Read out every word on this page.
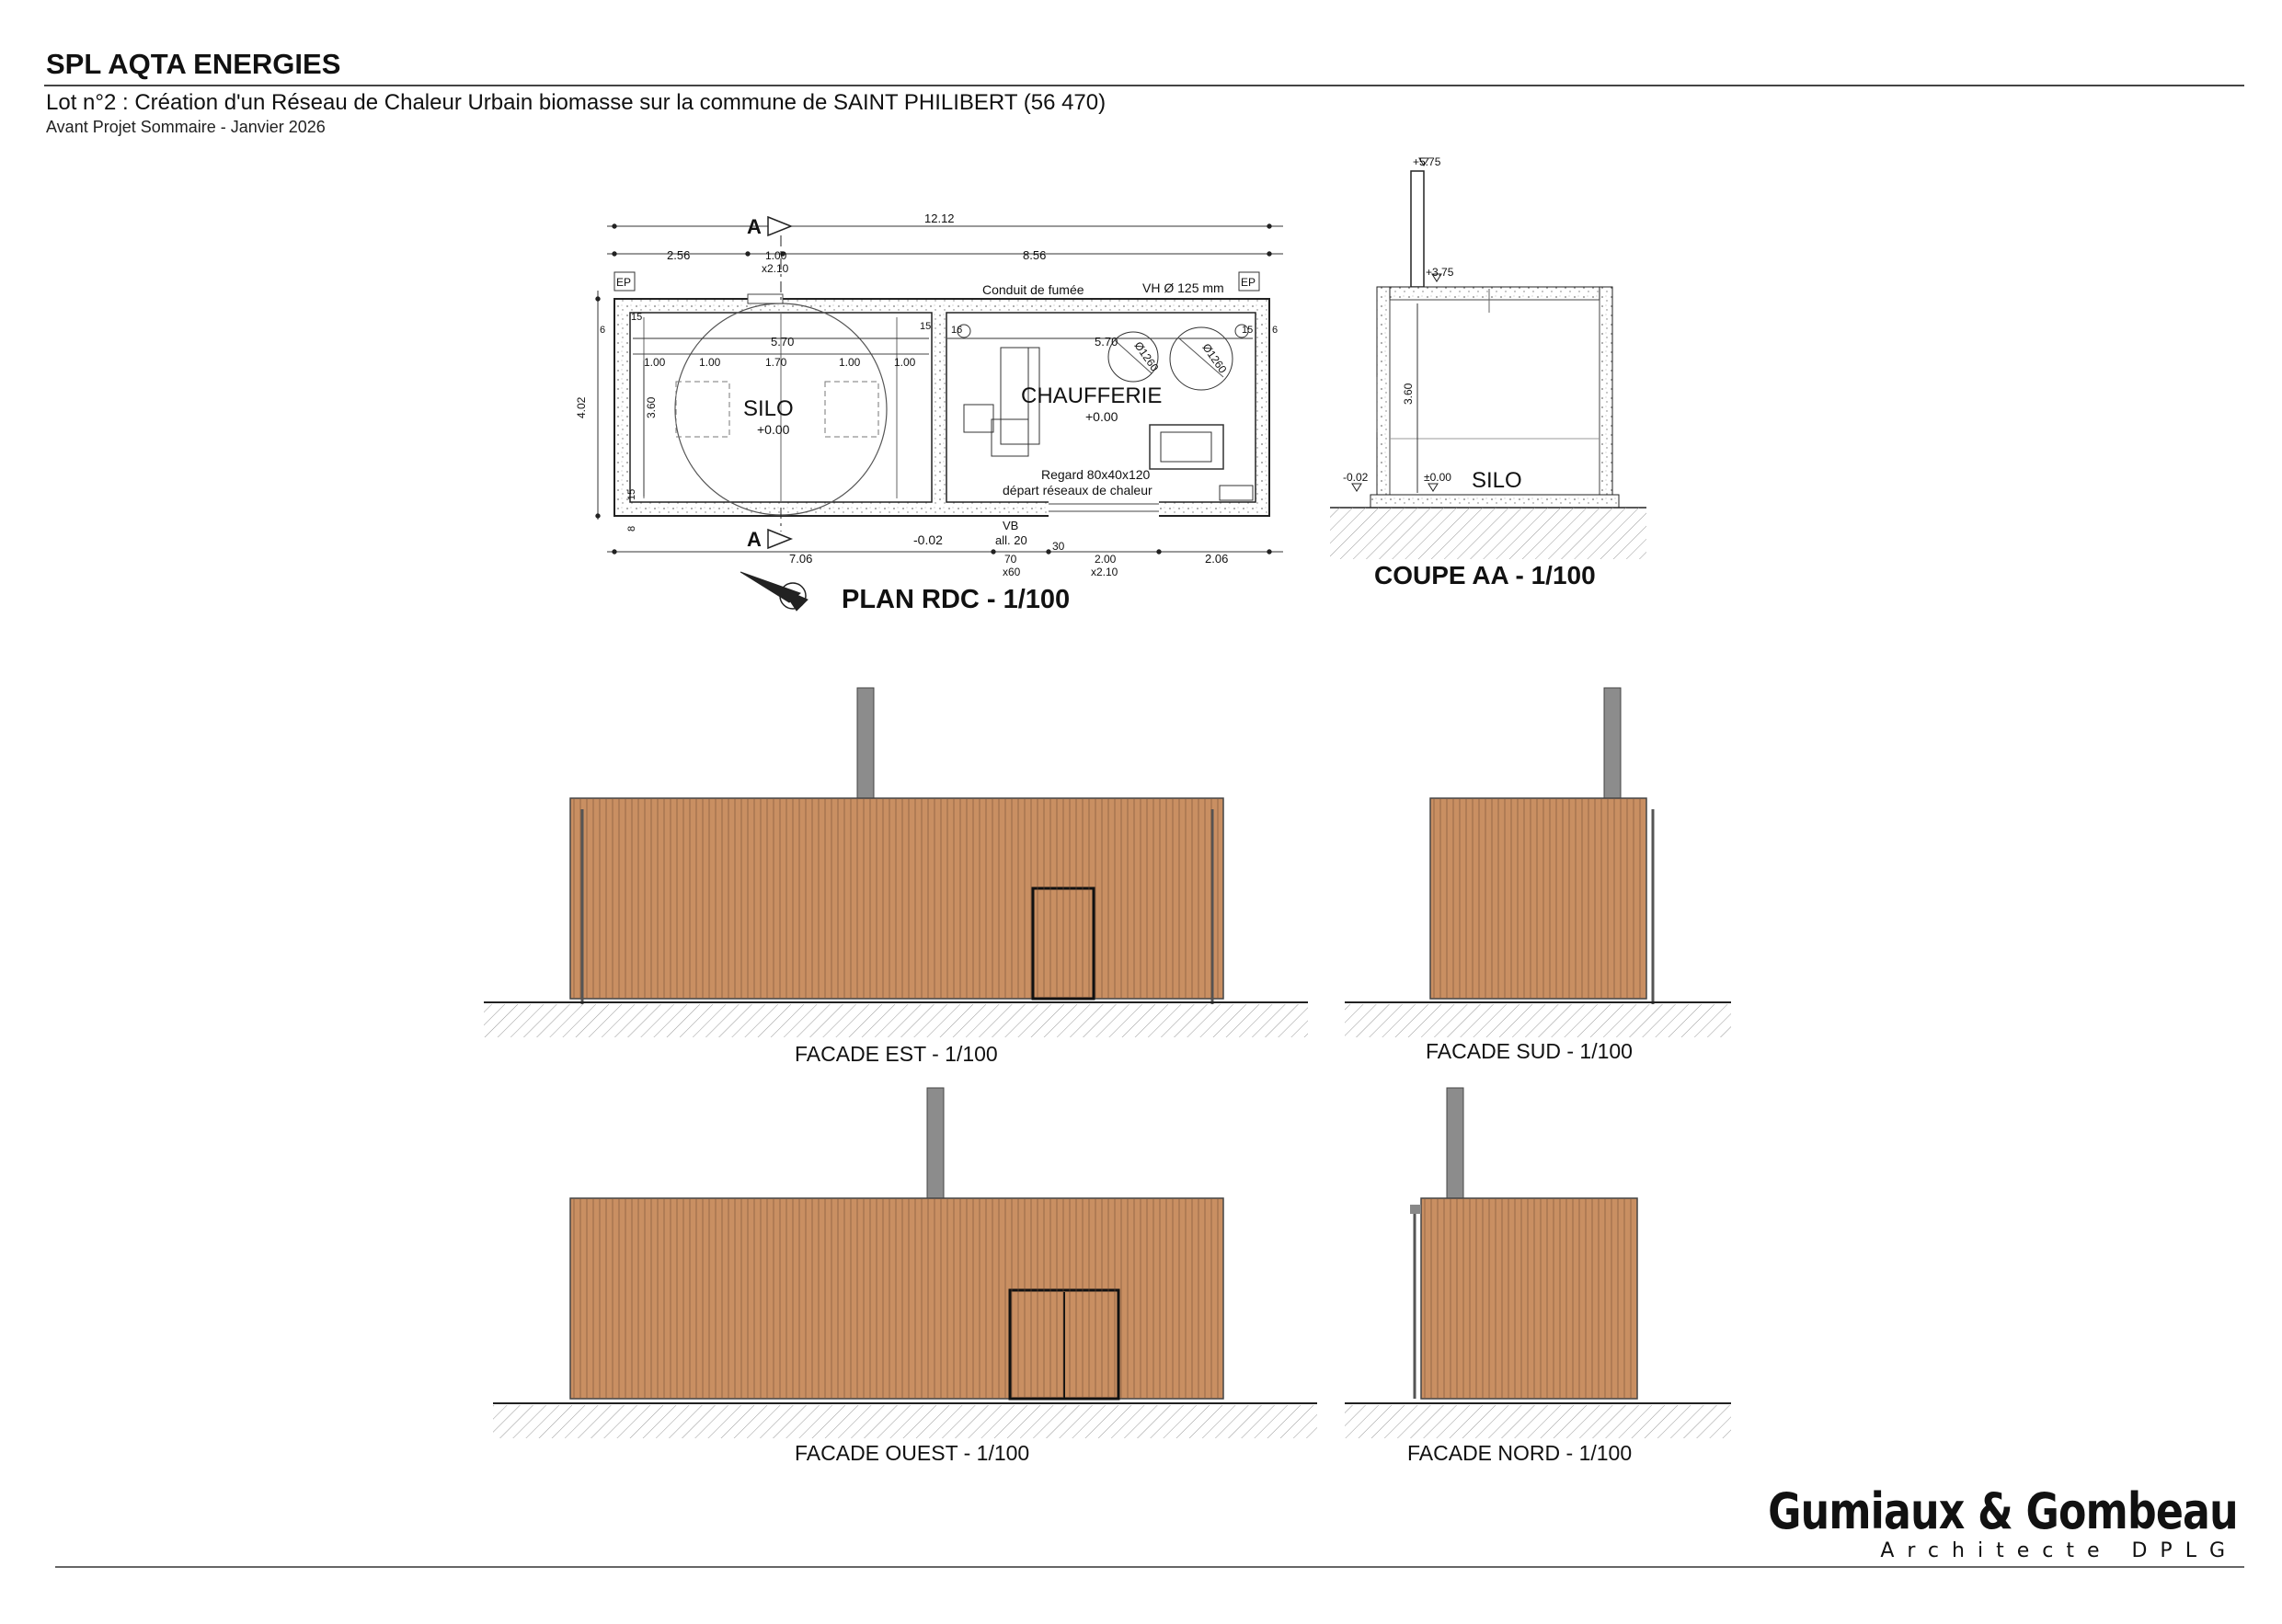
SPL AQTA ENERGIES
Lot n°2 : Création d'un Réseau de Chaleur Urbain biomasse sur la commune de SAINT PHILIBERT (56 470)
Avant Projet Sommaire - Janvier 2026
PLAN RDC - 1/100
SILO
CHAUFFERIE
+0.00
+0.00
-0.02
A
A
EP	EP
Conduit de fumée	VH Ø 125 mm
Ø1260	Ø1260
Regard 80x40x120
départ réseaux de chaleur
VB
all. 20
12.12
2.56	1.00
x2.10
8.56
5.70	5.70
1.00	1.00	1.70	1.00	1.00
4.02	3.60
15
15 16	15
6	6
15
8
7.06	70
x60
30
2.00
x2.10
2.06
COUPE AA - 1/100
+5.75
+3.75
3.60
-0.02	±0.00 SILO
FACADE EST - 1/100	FACADE SUD - 1/100
FACADE OUEST - 1/100	FACADE NORD - 1/100
Gumiaux & Gombeau
Architecte DPLG
